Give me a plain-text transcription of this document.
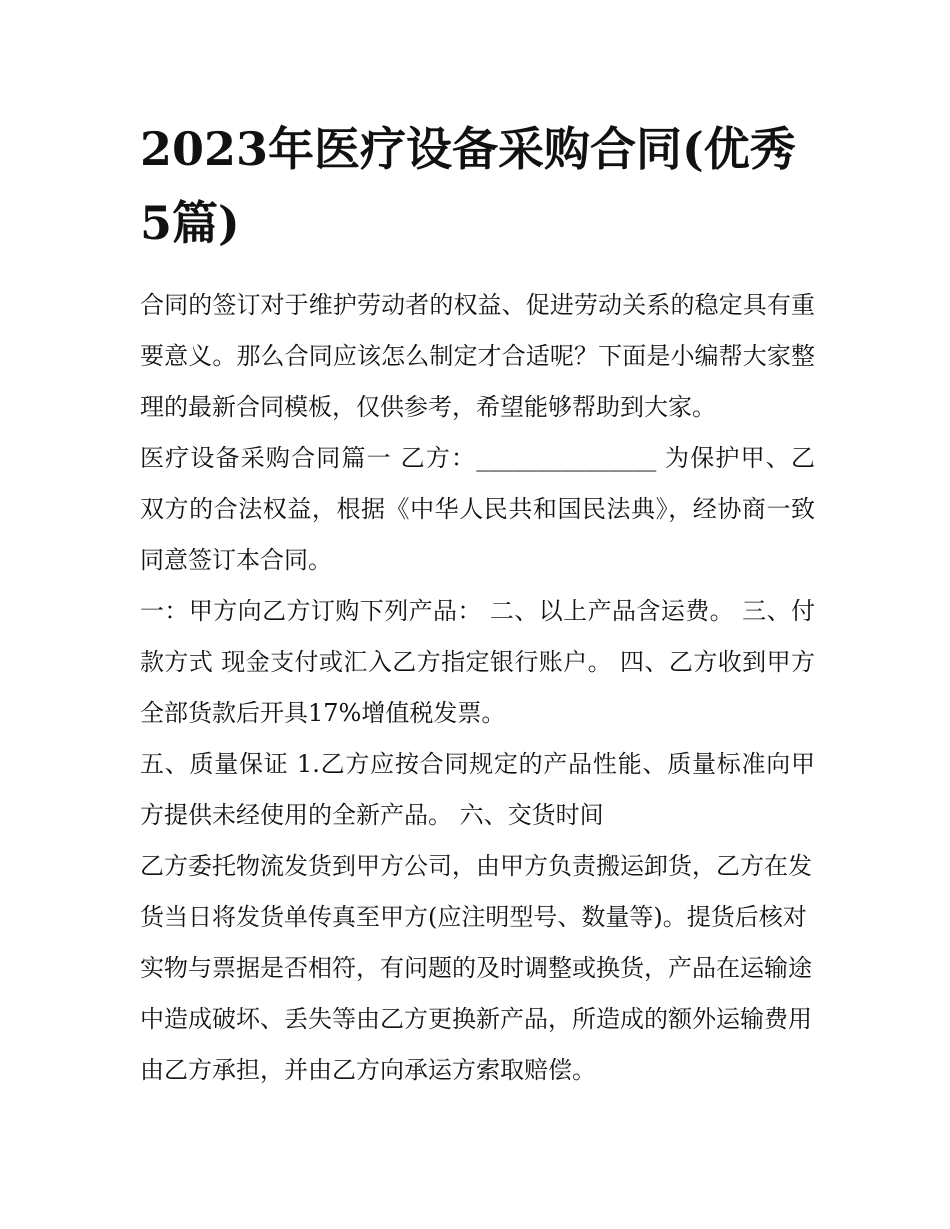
2023年医疗设备采购合同(优秀5篇)

合同的签订对于维护劳动者的权益、促进劳动关系的稳定具有重要意义。那么合同应该怎么制定才合适呢？下面是小编帮大家整理的最新合同模板，仅供参考，希望能够帮助到大家。

医疗设备采购合同篇一 乙方：_______________ 为保护甲、乙双方的合法权益，根据《中华人民共和国民法典》，经协商一致同意签订本合同。

一：甲方向乙方订购下列产品： 二、以上产品含运费。 三、付款方式 现金支付或汇入乙方指定银行账户。 四、乙方收到甲方全部货款后开具17%增值税发票。

五、质量保证 1.乙方应按合同规定的产品性能、质量标准向甲方提供未经使用的全新产品。 六、交货时间

乙方委托物流发货到甲方公司，由甲方负责搬运卸货，乙方在发货当日将发货单传真至甲方(应注明型号、数量等)。提货后核对实物与票据是否相符，有问题的及时调整或换货，产品在运输途中造成破坏、丢失等由乙方更换新产品，所造成的额外运输费用由乙方承担，并由乙方向承运方索取赔偿。
